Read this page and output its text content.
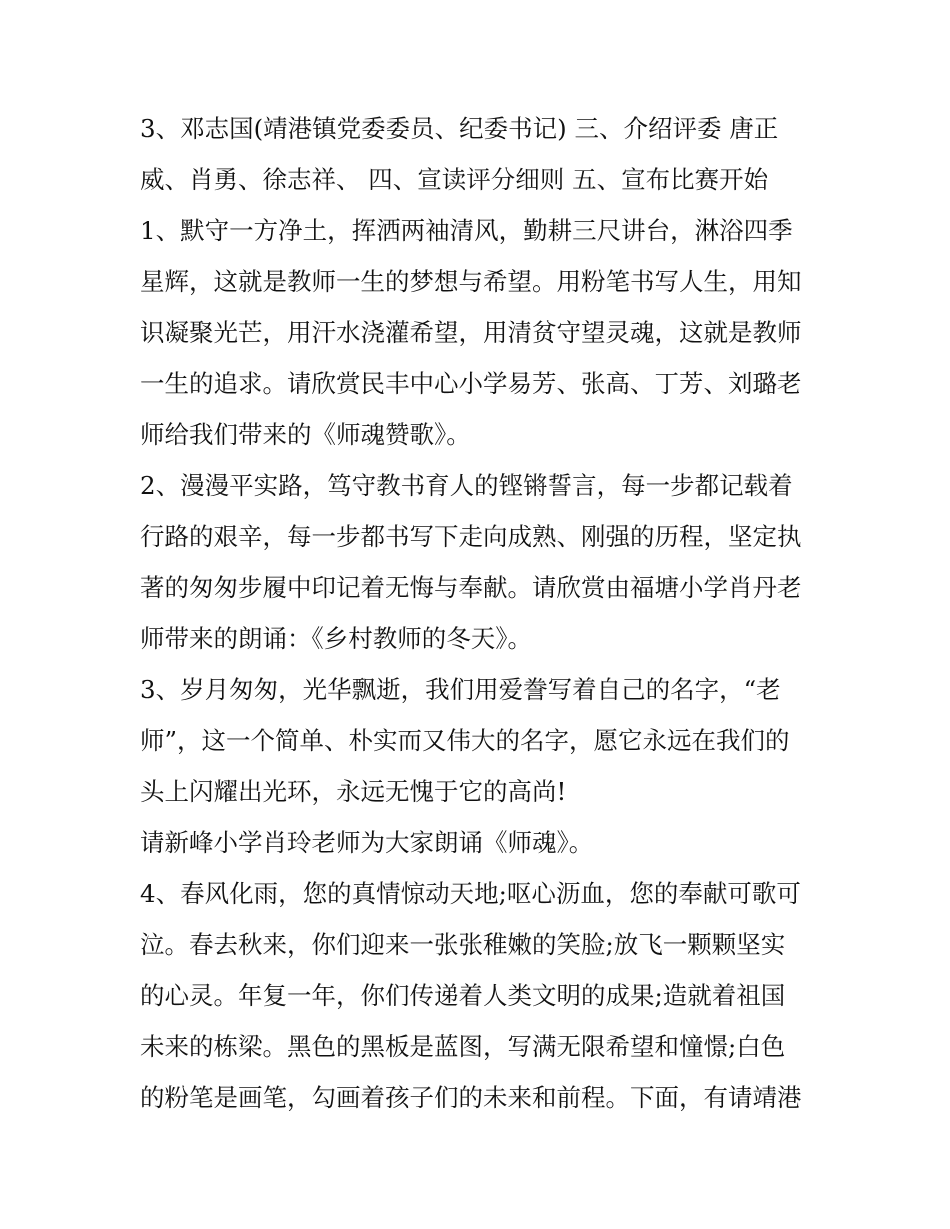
3、邓志国(靖港镇党委委员、纪委书记) 三、介绍评委 唐正
威、肖勇、徐志祥、 四、宣读评分细则 五、宣布比赛开始
1、默守一方净土，挥洒两袖清风，勤耕三尺讲台，淋浴四季
星辉，这就是教师一生的梦想与希望。用粉笔书写人生，用知
识凝聚光芒，用汗水浇灌希望，用清贫守望灵魂，这就是教师
一生的追求。请欣赏民丰中心小学易芳、张高、丁芳、刘璐老
师给我们带来的《师魂赞歌》。
2、漫漫平实路，笃守教书育人的铿锵誓言，每一步都记载着
行路的艰辛，每一步都书写下走向成熟、刚强的历程，坚定执
著的匆匆步履中印记着无悔与奉献。请欣赏由福塘小学肖丹老
师带来的朗诵：《乡村教师的冬天》。
3、岁月匆匆，光华飘逝，我们用爱誊写着自己的名字，“老
师”，这一个简单、朴实而又伟大的名字，愿它永远在我们的
头上闪耀出光环，永远无愧于它的高尚!
请新峰小学肖玲老师为大家朗诵《师魂》。
4、春风化雨，您的真情惊动天地;呕心沥血，您的奉献可歌可
泣。春去秋来，你们迎来一张张稚嫩的笑脸;放飞一颗颗坚实
的心灵。年复一年，你们传递着人类文明的成果;造就着祖国
未来的栋梁。黑色的黑板是蓝图，写满无限希望和憧憬;白色
的粉笔是画笔，勾画着孩子们的未来和前程。下面，有请靖港
